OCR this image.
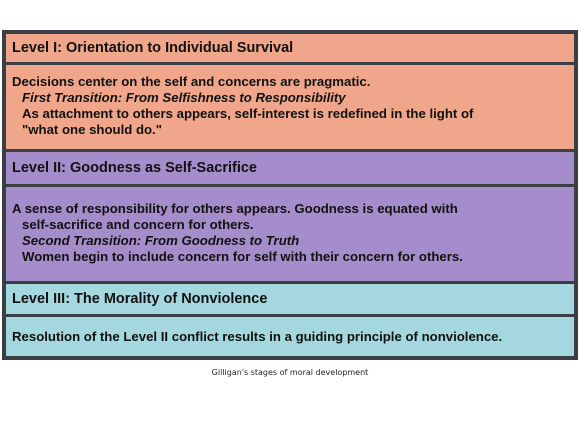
Level I: Orientation to Individual Survival
Decisions center on the self and concerns are pragmatic.
First Transition: From Selfishness to Responsibility
As attachment to others appears, self-interest is redefined in the light of
"what one should do."
Level II: Goodness as Self-Sacrifice
A sense of responsibility for others appears. Goodness is equated with
self-sacrifice and concern for others.
Second Transition: From Goodness to Truth
Women begin to include concern for self with their concern for others.
Level III: The Morality of Nonviolence
Resolution of the Level II conflict results in a guiding principle of nonviolence.
Gilligan's stages of moral development
